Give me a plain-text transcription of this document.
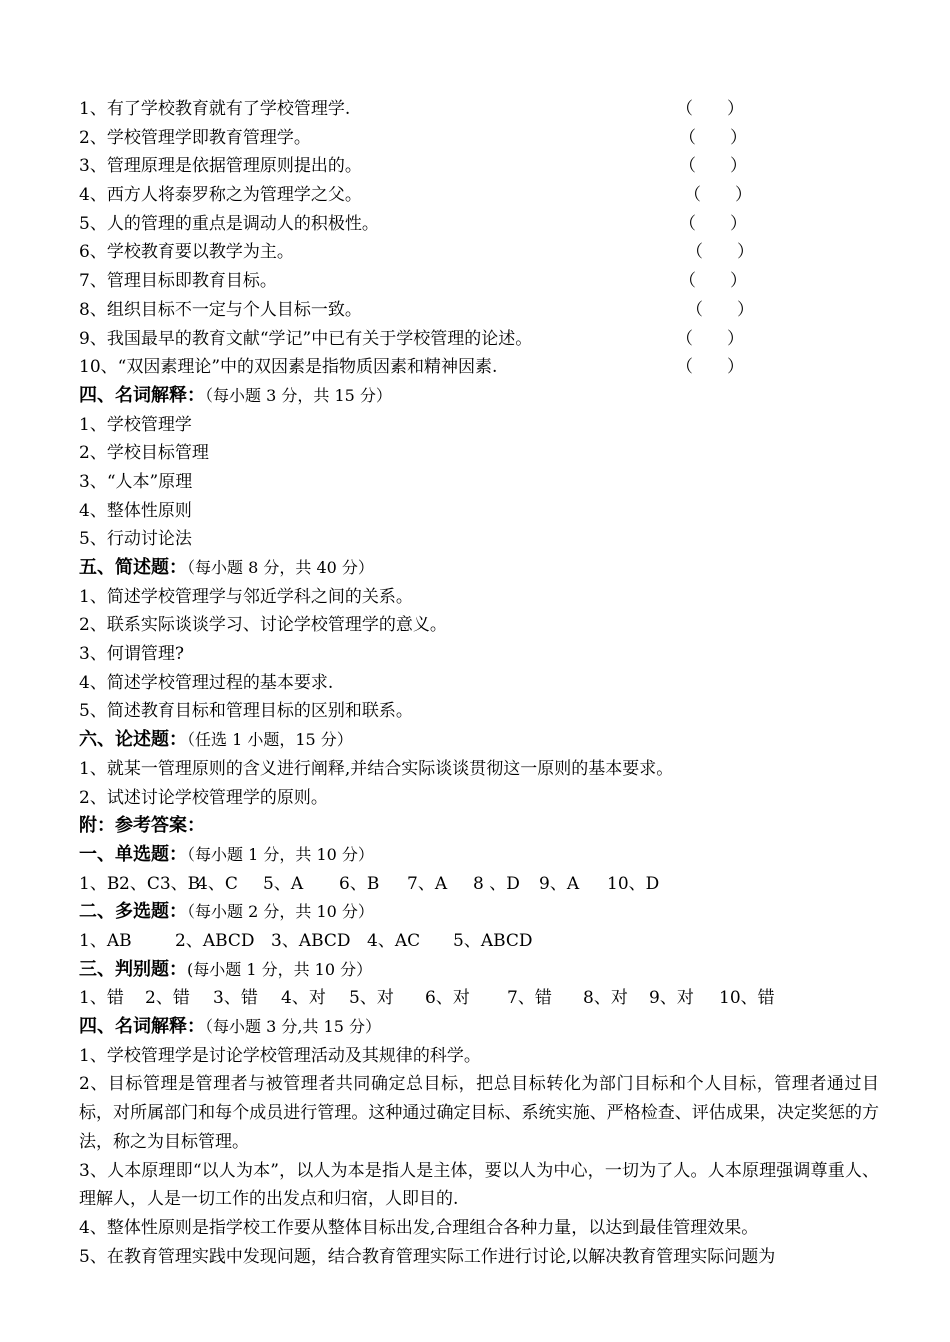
1、有了学校教育就有了学校管理学.	（　　）
2、学校管理学即教育管理学。	（　　）
3、管理原理是依据管理原则提出的。	（　　）
4、西方人将泰罗称之为管理学之父。	（　　）
5、人的管理的重点是调动人的积极性。	（　　）
6、学校教育要以教学为主。	（　　）
7、管理目标即教育目标。	（　　）
8、组织目标不一定与个人目标一致。	（　　）
9、我国最早的教育文献“学记”中已有关于学校管理的论述。	（　　）
10、“双因素理论”中的双因素是指物质因素和精神因素.	（　　）
四、名词解释：（每小题 3 分，共 15 分）
1、学校管理学
2、学校目标管理
3、“人本”原理
4、整体性原则
5、行动讨论法
五、简述题：（每小题 8 分，共 40 分）
1、简述学校管理学与邻近学科之间的关系。
2、联系实际谈谈学习、讨论学校管理学的意义。
3、何谓管理?
4、简述学校管理过程的基本要求.
5、简述教育目标和管理目标的区别和联系。
六、论述题：（任选 1 小题，15 分）
1、就某一管理原则的含义进行阐释,并结合实际谈谈贯彻这一原则的基本要求。
2、试述讨论学校管理学的原则。
附：参考答案：
一、单选题：（每小题 1 分，共 10 分）
1、B2、C3、B4、C 5、A 6、B 7、A 8 、D 9、A 10、D
二、多选题：（每小题 2 分，共 10 分）
1、AB	2、ABCD 3、ABCD 4、AC 5、ABCD
三、判别题：(每小题 1 分，共 10 分）
1、错 2、错 3、错 4、对 5、对 6、对 7、错 8、对 9、对 10、错
四、名词解释：（每小题 3 分,共 15 分）
1、学校管理学是讨论学校管理活动及其规律的科学。
2、目标管理是管理者与被管理者共同确定总目标，把总目标转化为部门目标和个人目标，管理者通过目标，对所属部门和每个成员进行管理。这种通过确定目标、系统实施、严格检查、评估成果，决定奖惩的方法，称之为目标管理。
3、人本原理即“以人为本”，以人为本是指人是主体，要以人为中心，一切为了人。人本原理强调尊重人、理解人，人是一切工作的出发点和归宿，人即目的.
4、整体性原则是指学校工作要从整体目标出发,合理组合各种力量，以达到最佳管理效果。
5、在教育管理实践中发现问题，结合教育管理实际工作进行讨论,以解决教育管理实际问题为
